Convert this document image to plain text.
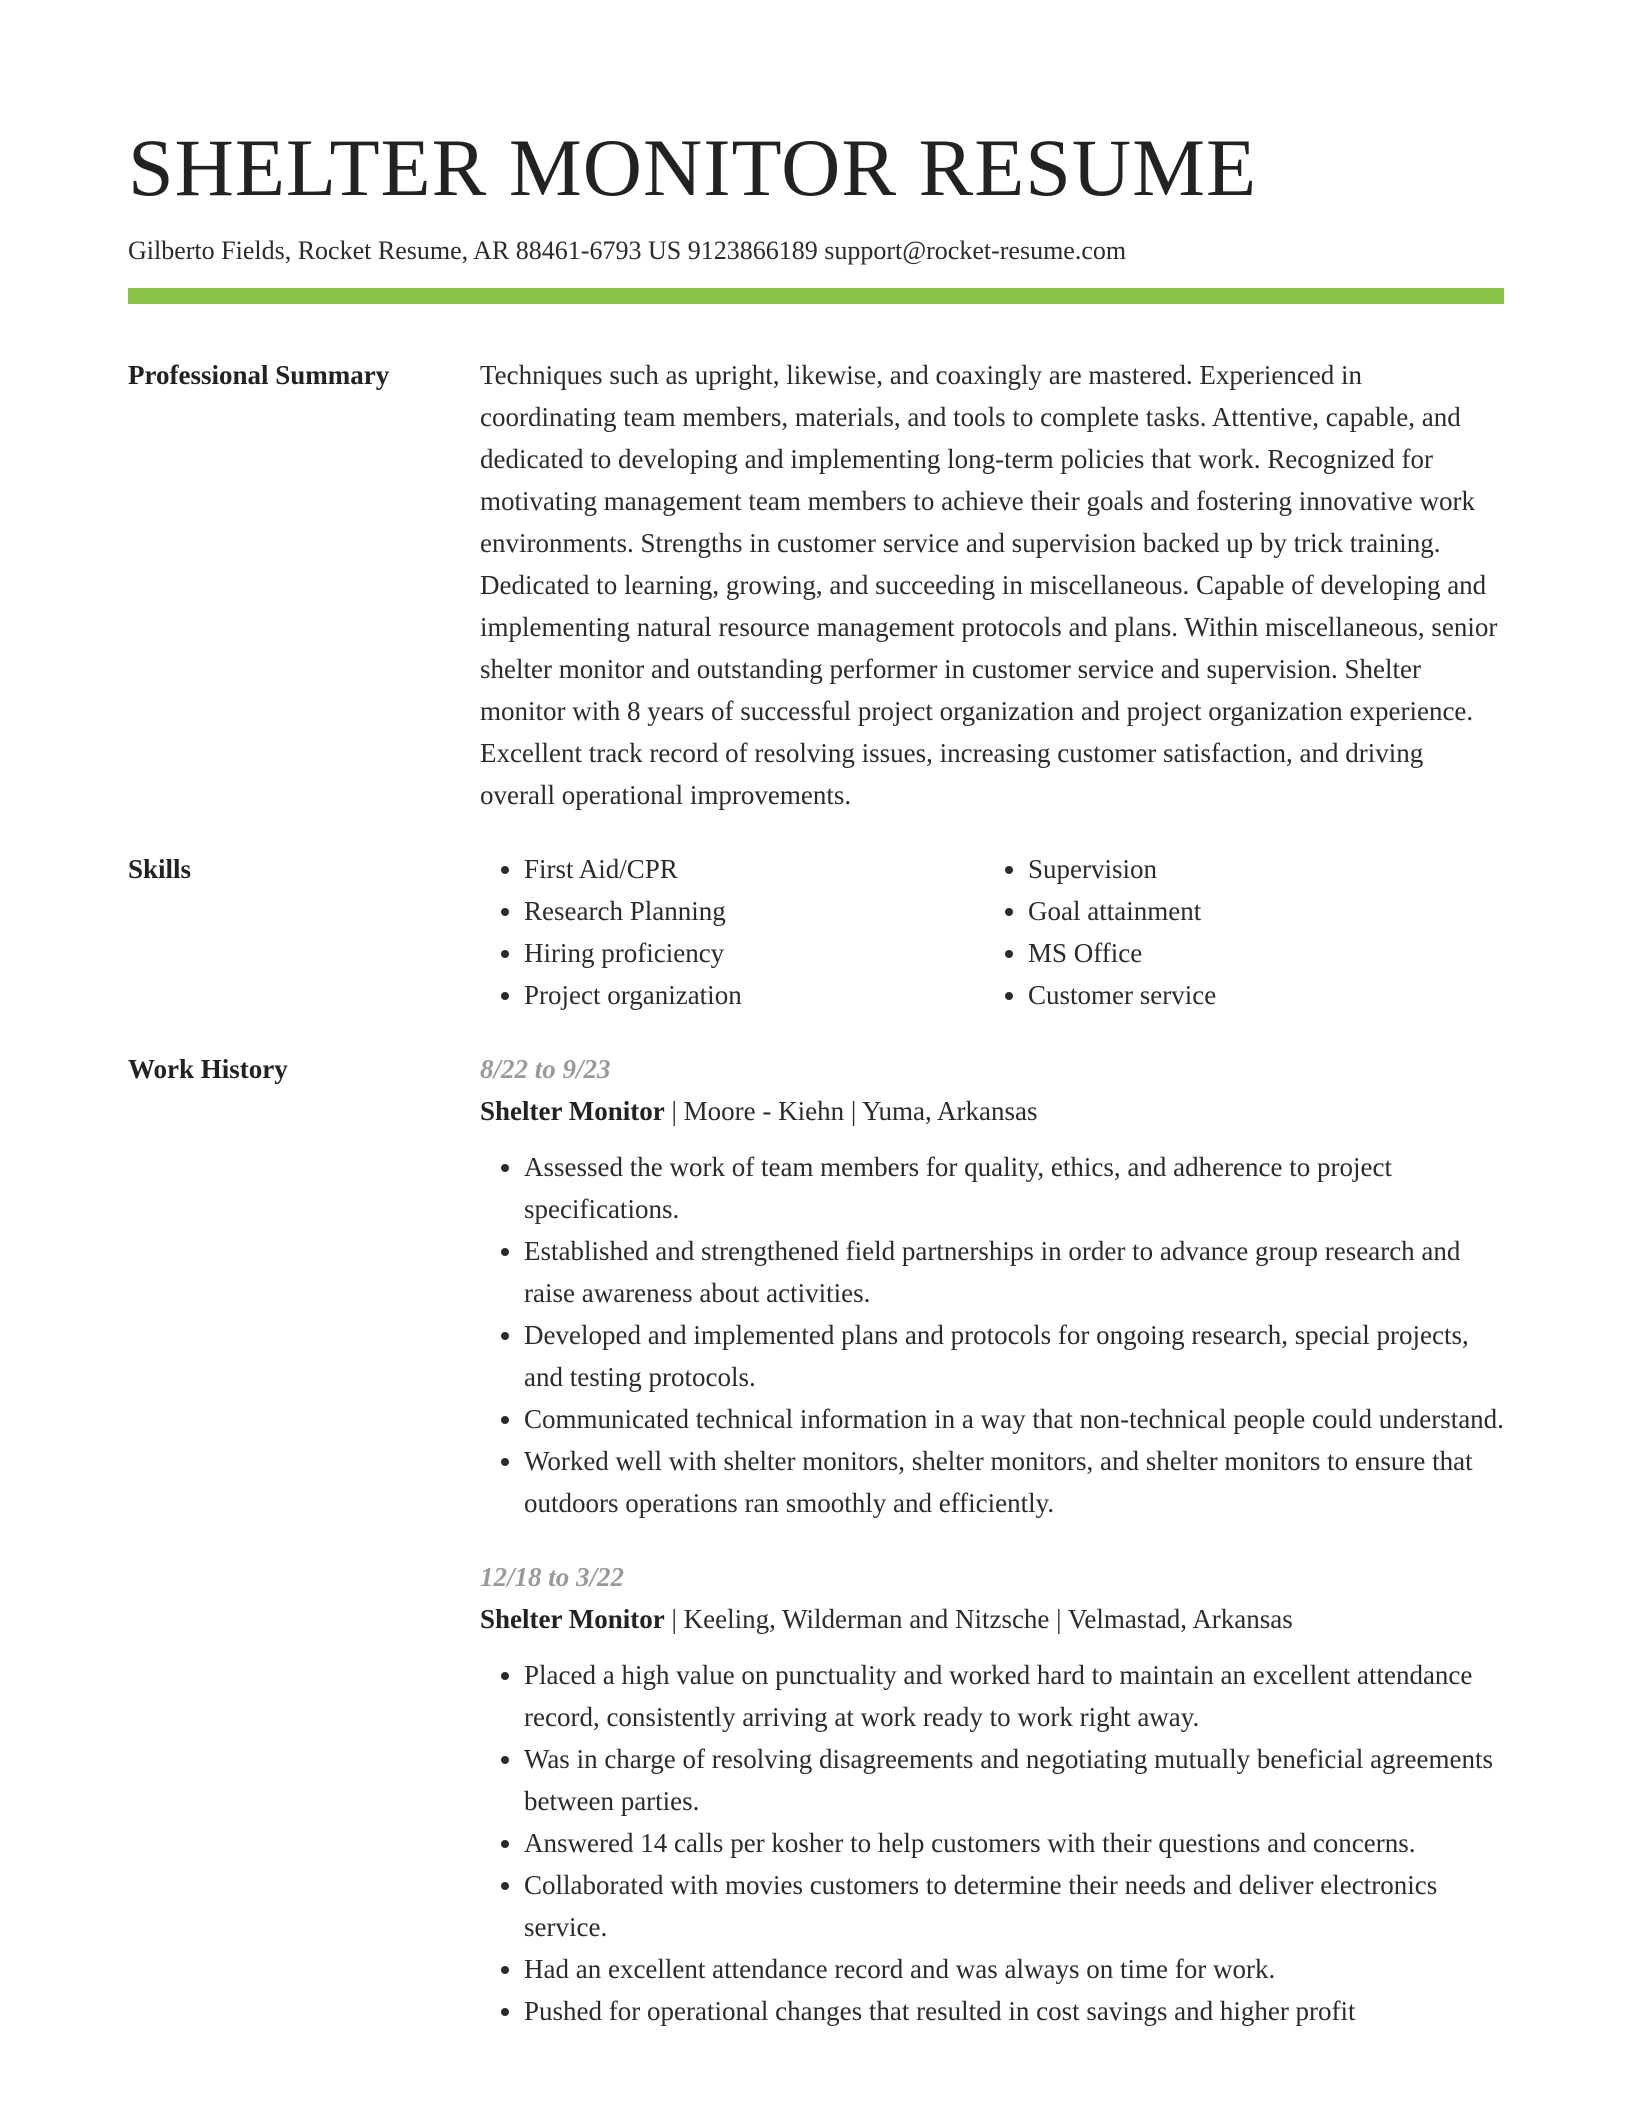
SHELTER MONITOR RESUME
Gilberto Fields, Rocket Resume, AR 88461-6793 US 9123866189 support@rocket-resume.com
Professional Summary	Techniques such as upright, likewise, and coaxingly are mastered. Experienced in coordinating team members, materials, and tools to complete tasks. Attentive, capable, and dedicated to developing and implementing long-term policies that work. Recognized for motivating management team members to achieve their goals and fostering innovative work environments. Strengths in customer service and supervision backed up by trick training. Dedicated to learning, growing, and succeeding in miscellaneous. Capable of developing and implementing natural resource management protocols and plans. Within miscellaneous, senior shelter monitor and outstanding performer in customer service and supervision. Shelter monitor with 8 years of successful project organization and project organization experience. Excellent track record of resolving issues, increasing customer satisfaction, and driving overall operational improvements.
Skills
•	First Aid/CPR
• Research Planning
• Hiring proficiency
• Project organization
• Supervision
• Goal attainment
• MS Office
• Customer service
Work History	8/22 to 9/23
Shelter Monitor | Moore - Kiehn | Yuma, Arkansas
• Assessed the work of team members for quality, ethics, and adherence to project specifications.
• Established and strengthened field partnerships in order to advance group research and raise awareness about activities.
• Developed and implemented plans and protocols for ongoing research, special projects, and testing protocols.
• Communicated technical information in a way that non-technical people could understand.
• Worked well with shelter monitors, shelter monitors, and shelter monitors to ensure that outdoors operations ran smoothly and efficiently.
12/18 to 3/22
Shelter Monitor | Keeling, Wilderman and Nitzsche | Velmastad, Arkansas
• Placed a high value on punctuality and worked hard to maintain an excellent attendance record, consistently arriving at work ready to work right away.
• Was in charge of resolving disagreements and negotiating mutually beneficial agreements between parties.
• Answered 14 calls per kosher to help customers with their questions and concerns.
• Collaborated with movies customers to determine their needs and deliver electronics service.
• Had an excellent attendance record and was always on time for work.
• Pushed for operational changes that resulted in cost savings and higher profit
